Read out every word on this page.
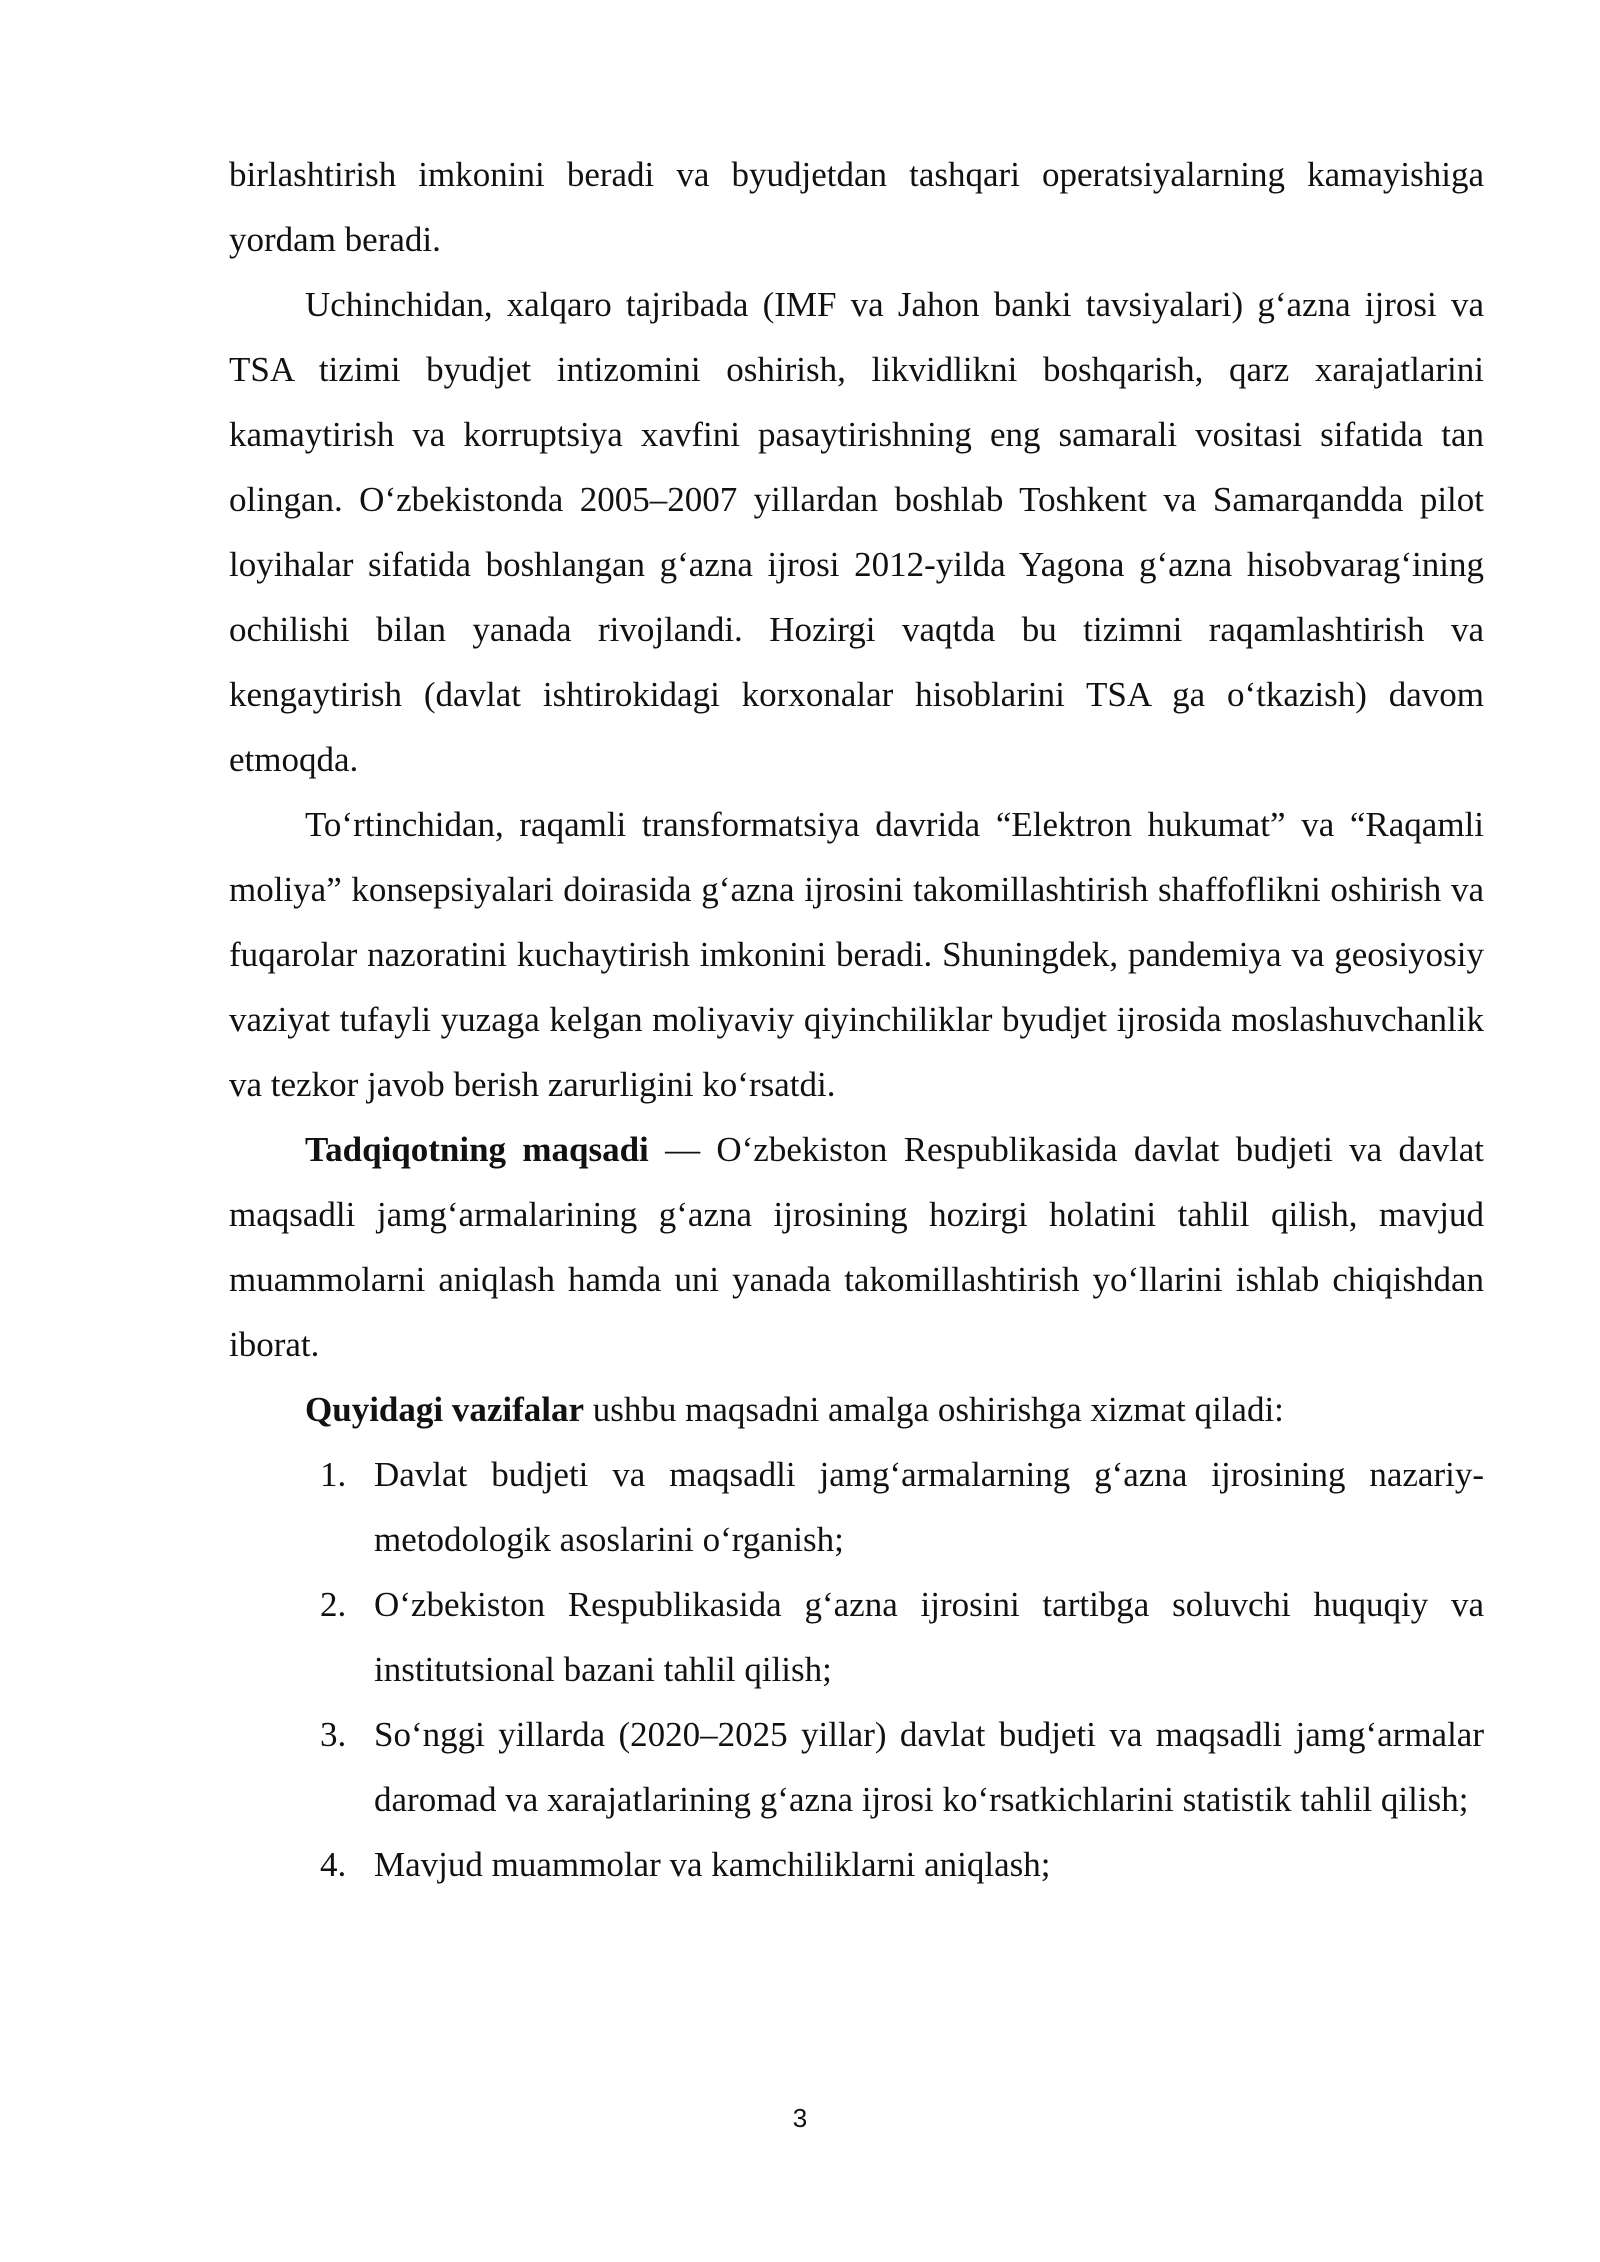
birlashtirish imkonini beradi va byudjetdan tashqari operatsiyalarning kamayishiga yordam beradi.

Uchinchidan, xalqaro tajribada (IMF va Jahon banki tavsiyalari) g‘azna ijrosi va TSA tizimi byudjet intizomini oshirish, likvidlikni boshqarish, qarz xarajatlarini kamaytirish va korruptsiya xavfini pasaytirishning eng samarali vositasi sifatida tan olingan. O‘zbekistonda 2005–2007 yillardan boshlab Toshkent va Samarqandda pilot loyihalar sifatida boshlangan g‘azna ijrosi 2012-yilda Yagona g‘azna hisobvarag‘ining ochilishi bilan yanada rivojlandi. Hozirgi vaqtda bu tizimni raqamlashtirish va kengaytirish (davlat ishtirokidagi korxonalar hisoblarini TSA ga o‘tkazish) davom etmoqda.

To‘rtinchidan, raqamli transformatsiya davrida “Elektron hukumat” va “Raqamli moliya” konsepsiyalari doirasida g‘azna ijrosini takomillashtirish shaffoflikni oshirish va fuqarolar nazoratini kuchaytirish imkonini beradi. Shuningdek, pandemiya va geosiyosiy vaziyat tufayli yuzaga kelgan moliyaviy qiyinchiliklar byudjet ijrosida moslashuvchanlik va tezkor javob berish zarurligini ko‘rsatdi.

Tadqiqotning maqsadi — O‘zbekiston Respublikasida davlat budjeti va davlat maqsadli jamg‘armalarining g‘azna ijrosining hozirgi holatini tahlil qilish, mavjud muammolarni aniqlash hamda uni yanada takomillashtirish yo‘llarini ishlab chiqishdan iborat.

Quyidagi vazifalar ushbu maqsadni amalga oshirishga xizmat qiladi:

1. Davlat budjeti va maqsadli jamg‘armalarning g‘azna ijrosining nazariy-metodologik asoslarini o‘rganish;
2. O‘zbekiston Respublikasida g‘azna ijrosini tartibga soluvchi huquqiy va institutsional bazani tahlil qilish;
3. So‘nggi yillarda (2020–2025 yillar) davlat budjeti va maqsadli jamg‘armalar daromad va xarajatlarining g‘azna ijrosi ko‘rsatkichlarini statistik tahlil qilish;
4. Mavjud muammolar va kamchiliklarni aniqlash;
3
